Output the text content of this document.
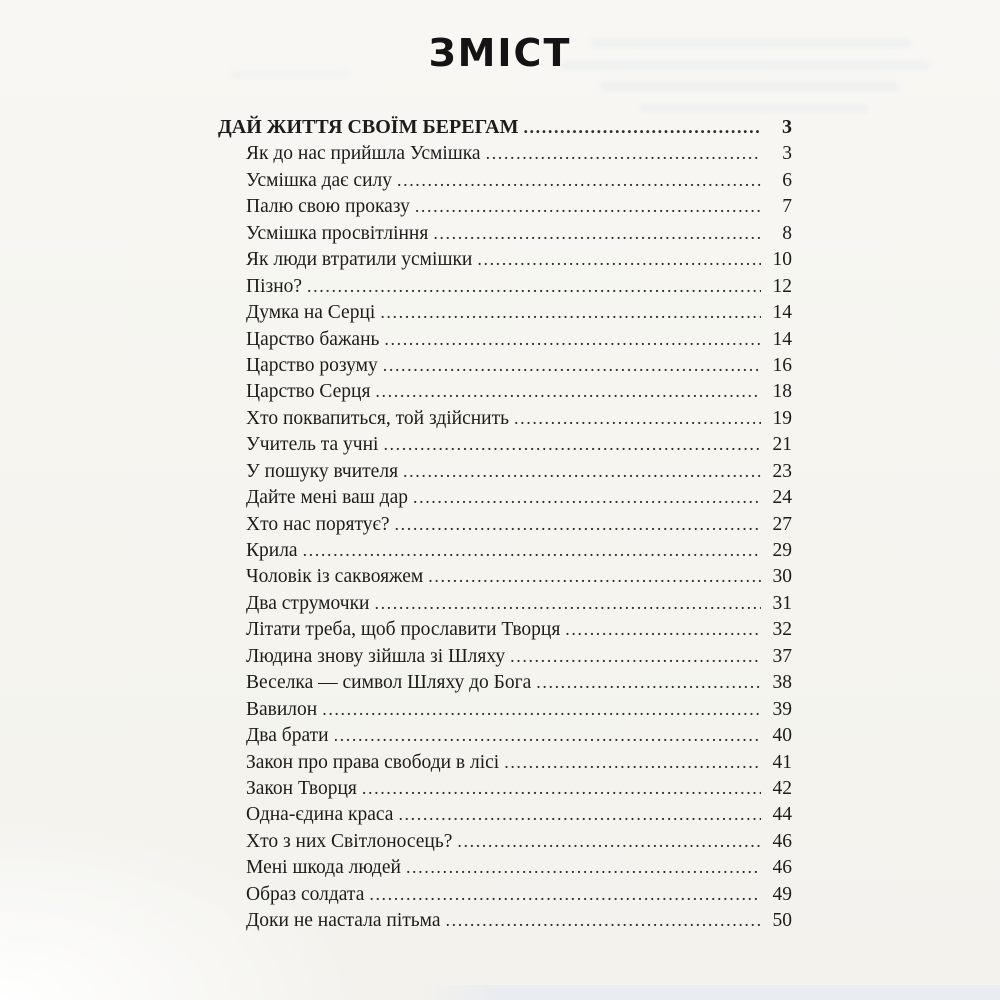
ЗМІСТ
ДАЙ ЖИТТЯ СВОЇМ БЕРЕГАМ .....	3
Як до нас прийшла Усмішка .....	3
Усмішка дає силу .....	6
Палю свою проказу .....	7
Усмішка просвітління .....	8
Як люди втратили усмішки .....	10
Пізно? .....	12
Думка на Серці .....	14
Царство бажань .....	14
Царство розуму .....	16
Царство Серця .....	18
Хто поквапиться, той здійснить .....	19
Учитель та учні .....	21
У пошуку вчителя .....	23
Дайте мені ваш дар .....	24
Хто нас порятує? .....	27
Крила .....	29
Чоловік із саквояжем .....	30
Два струмочки .....	31
Літати треба, щоб прославити Творця .....	32
Людина знову зійшла зі Шляху .....	37
Веселка — символ Шляху до Бога .....	38
Вавилон .....	39
Два брати .....	40
Закон про права свободи в лісі .....	41
Закон Творця .....	42
Одна-єдина краса .....	44
Хто з них Світлоносець? .....	46
Мені шкода людей .....	46
Образ солдата .....	49
Доки не настала пітьма .....	50
